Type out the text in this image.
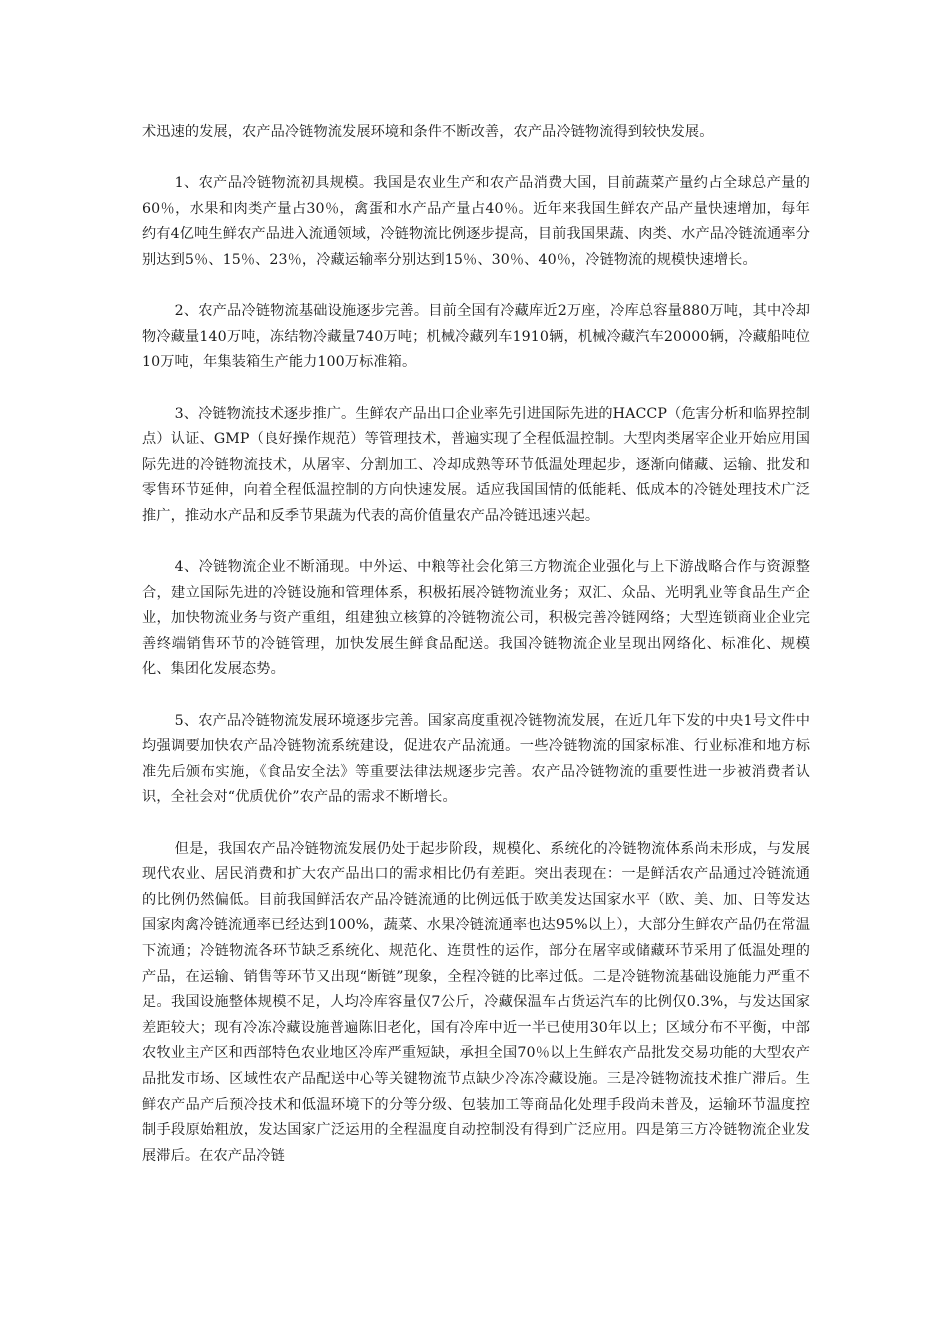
术迅速的发展，农产品冷链物流发展环境和条件不断改善，农产品冷链物流得到较快发展。

1、农产品冷链物流初具规模。我国是农业生产和农产品消费大国，目前蔬菜产量约占全球总产量的60％，水果和肉类产量占30％，禽蛋和水产品产量占40％。近年来我国生鲜农产品产量快速增加，每年约有4亿吨生鲜农产品进入流通领域，冷链物流比例逐步提高，目前我国果蔬、肉类、水产品冷链流通率分别达到5％、15％、23％，冷藏运输率分别达到15％、30％、40％，冷链物流的规模快速增长。

2、农产品冷链物流基础设施逐步完善。目前全国有冷藏库近2万座，冷库总容量880万吨，其中冷却物冷藏量140万吨，冻结物冷藏量740万吨；机械冷藏列车1910辆，机械冷藏汽车20000辆，冷藏船吨位10万吨，年集装箱生产能力100万标准箱。

3、冷链物流技术逐步推广。生鲜农产品出口企业率先引进国际先进的HACCP（危害分析和临界控制点）认证、GMP（良好操作规范）等管理技术，普遍实现了全程低温控制。大型肉类屠宰企业开始应用国际先进的冷链物流技术，从屠宰、分割加工、冷却成熟等环节低温处理起步，逐渐向储藏、运输、批发和零售环节延伸，向着全程低温控制的方向快速发展。适应我国国情的低能耗、低成本的冷链处理技术广泛推广，推动水产品和反季节果蔬为代表的高价值量农产品冷链迅速兴起。

4、冷链物流企业不断涌现。中外运、中粮等社会化第三方物流企业强化与上下游战略合作与资源整合，建立国际先进的冷链设施和管理体系，积极拓展冷链物流业务；双汇、众品、光明乳业等食品生产企业，加快物流业务与资产重组，组建独立核算的冷链物流公司，积极完善冷链网络；大型连锁商业企业完善终端销售环节的冷链管理，加快发展生鲜食品配送。我国冷链物流企业呈现出网络化、标准化、规模化、集团化发展态势。

5、农产品冷链物流发展环境逐步完善。国家高度重视冷链物流发展，在近几年下发的中央1号文件中均强调要加快农产品冷链物流系统建设，促进农产品流通。一些冷链物流的国家标准、行业标准和地方标准先后颁布实施，《食品安全法》等重要法律法规逐步完善。农产品冷链物流的重要性进一步被消费者认识，全社会对“优质优价”农产品的需求不断增长。

但是，我国农产品冷链物流发展仍处于起步阶段，规模化、系统化的冷链物流体系尚未形成，与发展现代农业、居民消费和扩大农产品出口的需求相比仍有差距。突出表现在：一是鲜活农产品通过冷链流通的比例仍然偏低。目前我国鲜活农产品冷链流通的比例远低于欧美发达国家水平（欧、美、加、日等发达国家肉禽冷链流通率已经达到100%，蔬菜、水果冷链流通率也达95%以上），大部分生鲜农产品仍在常温下流通；冷链物流各环节缺乏系统化、规范化、连贯性的运作，部分在屠宰或储藏环节采用了低温处理的产品，在运输、销售等环节又出现“断链”现象，全程冷链的比率过低。二是冷链物流基础设施能力严重不足。我国设施整体规模不足，人均冷库容量仅7公斤，冷藏保温车占货运汽车的比例仅0.3%，与发达国家差距较大；现有冷冻冷藏设施普遍陈旧老化，国有冷库中近一半已使用30年以上；区域分布不平衡，中部农牧业主产区和西部特色农业地区冷库严重短缺，承担全国70％以上生鲜农产品批发交易功能的大型农产品批发市场、区域性农产品配送中心等关键物流节点缺少冷冻冷藏设施。三是冷链物流技术推广滞后。生鲜农产品产后预冷技术和低温环境下的分等分级、包装加工等商品化处理手段尚未普及，运输环节温度控制手段原始粗放，发达国家广泛运用的全程温度自动控制没有得到广泛应用。四是第三方冷链物流企业发展滞后。在农产品冷链
